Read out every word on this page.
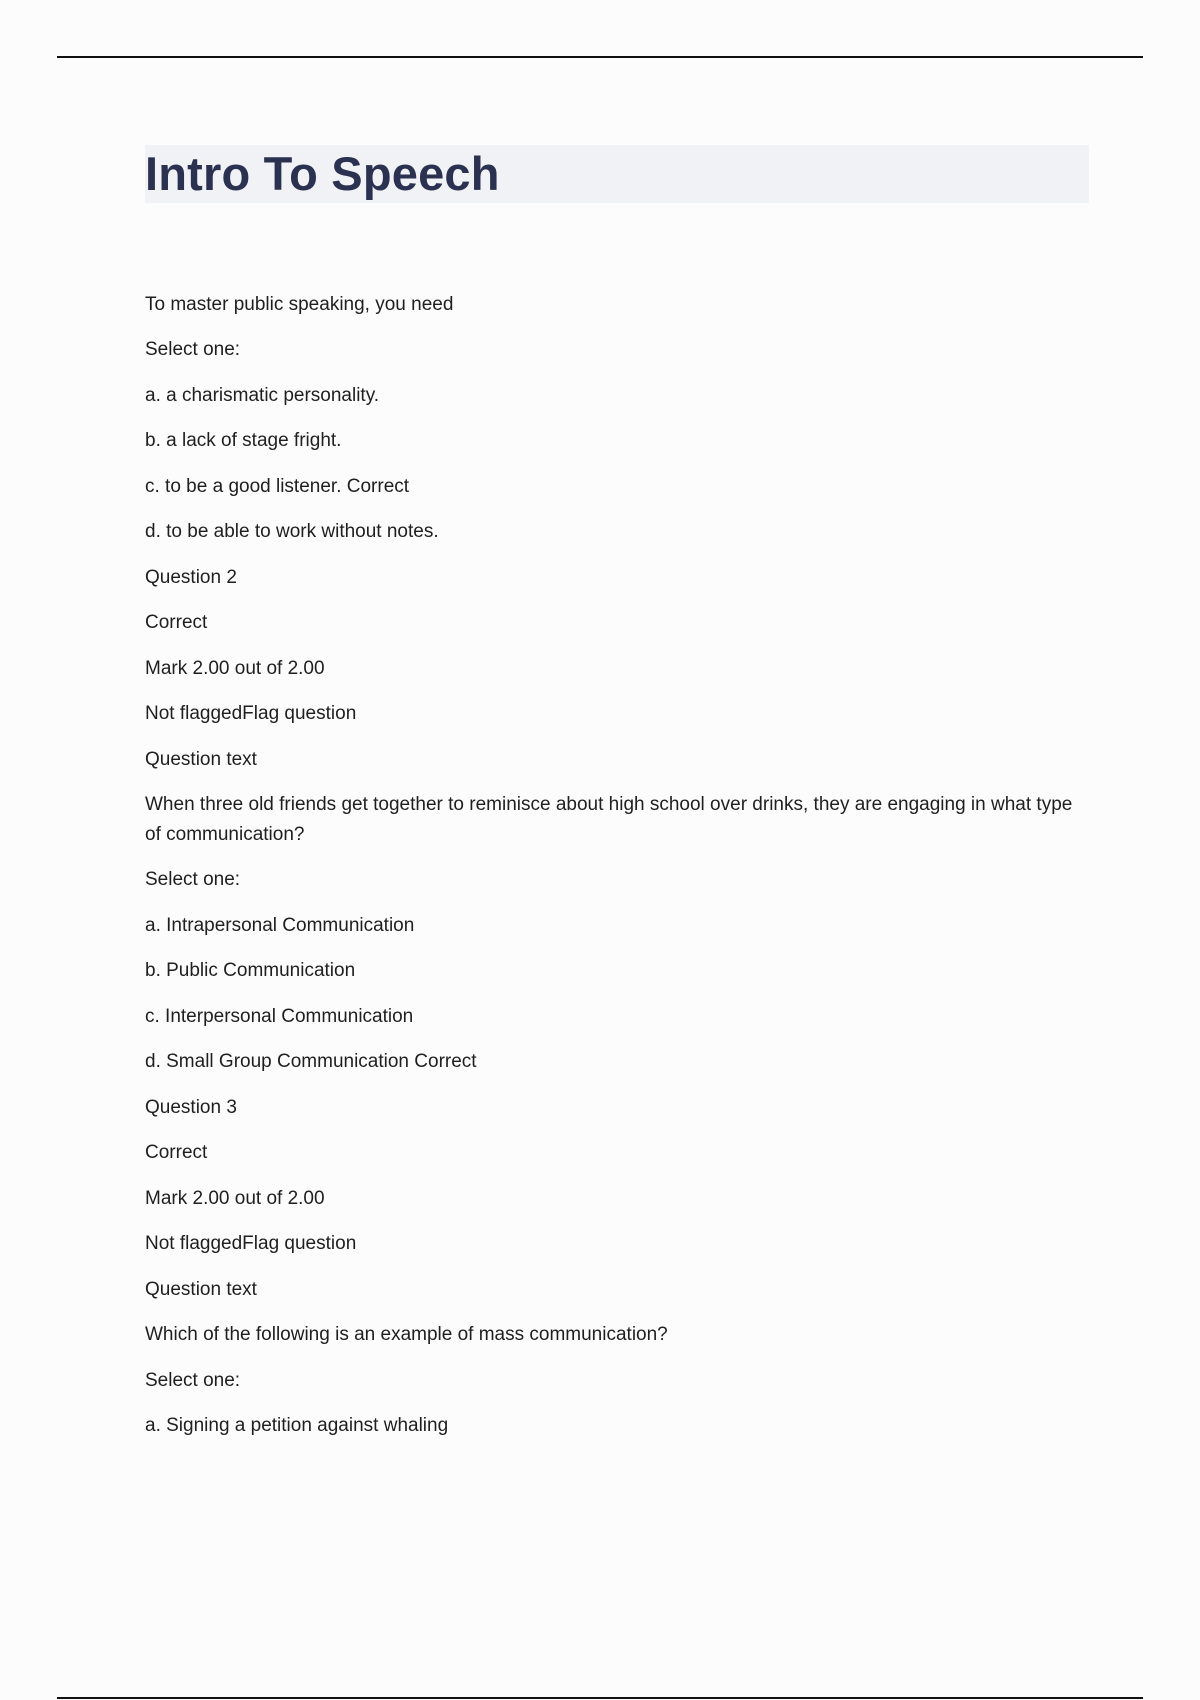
Intro To Speech

To master public speaking, you need

Select one:

a. a charismatic personality.

b. a lack of stage fright.

c. to be a good listener. Correct

d. to be able to work without notes.

Question 2

Correct

Mark 2.00 out of 2.00

Not flaggedFlag question

Question text

When three old friends get together to reminisce about high school over drinks, they are engaging in what type of communication?

Select one:

a. Intrapersonal Communication

b. Public Communication

c. Interpersonal Communication

d. Small Group Communication Correct

Question 3

Correct

Mark 2.00 out of 2.00

Not flaggedFlag question

Question text

Which of the following is an example of mass communication?

Select one:

a. Signing a petition against whaling
